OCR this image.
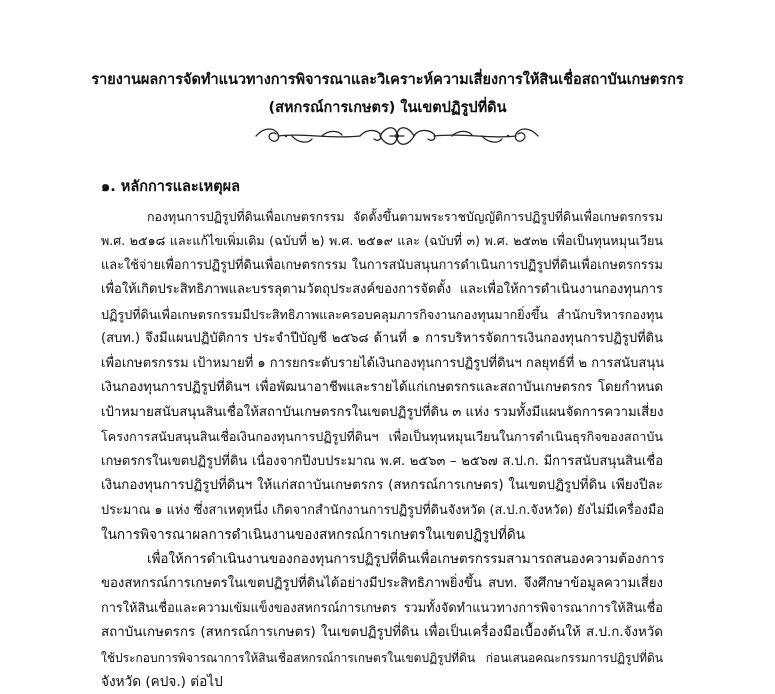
รายงานผลการจัดทำแนวทางการพิจารณาและวิเคราะห์ความเสี่ยงการให้สินเชื่อสถาบันเกษตรกร
(สหกรณ์การเกษตร) ในเขตปฏิรูปที่ดิน
๑. หลักการและเหตุผล
กองทุนการปฏิรูปที่ดินเพื่อเกษตรกรรม จัดตั้งขึ้นตามพระราชบัญญัติการปฏิรูปที่ดินเพื่อเกษตรกรรม
พ.ศ. ๒๕๑๘ และแก้ไขเพิ่มเติม (ฉบับที่ ๒) พ.ศ. ๒๕๑๙ และ (ฉบับที่ ๓) พ.ศ. ๒๕๓๒ เพื่อเป็นทุนหมุนเวียน
และใช้จ่ายเพื่อการปฏิรูปที่ดินเพื่อเกษตรกรรม ในการสนับสนุนการดำเนินการปฏิรูปที่ดินเพื่อเกษตรกรรม
เพื่อให้เกิดประสิทธิภาพและบรรลุตามวัตถุประสงค์ของการจัดตั้ง และเพื่อให้การดำเนินงานกองทุนการ
ปฏิรูปที่ดินเพื่อเกษตรกรรมมีประสิทธิภาพและครอบคลุมภารกิจงานกองทุนมากยิ่งขึ้น สำนักบริหารกองทุน
(สบท.) จึงมีแผนปฏิบัติการ ประจำปีบัญชี ๒๕๖๘ ด้านที่ ๑ การบริหารจัดการเงินกองทุนการปฏิรูปที่ดิน
เพื่อเกษตรกรรม เป้าหมายที่ ๑ การยกระดับรายได้เงินกองทุนการปฏิรูปที่ดินฯ กลยุทธ์ที่ ๒ การสนับสนุน
เงินกองทุนการปฏิรูปที่ดินฯ เพื่อพัฒนาอาชีพและรายได้แก่เกษตรกรและสถาบันเกษตรกร โดยกำหนด
เป้าหมายสนับสนุนสินเชื่อให้สถาบันเกษตรกรในเขตปฏิรูปที่ดิน ๓ แห่ง รวมทั้งมีแผนจัดการความเสี่ยง
โครงการสนับสนุนสินเชื่อเงินกองทุนการปฏิรูปที่ดินฯ เพื่อเป็นทุนหมุนเวียนในการดำเนินธุรกิจของสถาบัน
เกษตรกรในเขตปฏิรูปที่ดิน เนื่องจากปีงบประมาณ พ.ศ. ๒๕๖๓ – ๒๕๖๗ ส.ป.ก. มีการสนับสนุนสินเชื่อ
เงินกองทุนการปฏิรูปที่ดินฯ ให้แก่สถาบันเกษตรกร (สหกรณ์การเกษตร) ในเขตปฏิรูปที่ดิน เพียงปีละ
ประมาณ ๑ แห่ง ซึ่งสาเหตุหนึ่ง เกิดจากสำนักงานการปฏิรูปที่ดินจังหวัด (ส.ป.ก.จังหวัด) ยังไม่มีเครื่องมือ
ในการพิจารณาผลการดำเนินงานของสหกรณ์การเกษตรในเขตปฏิรูปที่ดิน
เพื่อให้การดำเนินงานของกองทุนการปฏิรูปที่ดินเพื่อเกษตรกรรมสามารถสนองความต้องการ
ของสหกรณ์การเกษตรในเขตปฏิรูปที่ดินได้อย่างมีประสิทธิภาพยิ่งขึ้น สบท. จึงศึกษาข้อมูลความเสี่ยง
การให้สินเชื่อและความเข้มแข็งของสหกรณ์การเกษตร รวมทั้งจัดทำแนวทางการพิจารณาการให้สินเชื่อ
สถาบันเกษตรกร (สหกรณ์การเกษตร) ในเขตปฏิรูปที่ดิน เพื่อเป็นเครื่องมือเบื้องต้นให้ ส.ป.ก.จังหวัด
ใช้ประกอบการพิจารณาการให้สินเชื่อสหกรณ์การเกษตรในเขตปฏิรูปที่ดิน ก่อนเสนอคณะกรรมการปฏิรูปที่ดิน
จังหวัด (คปจ.) ต่อไป
